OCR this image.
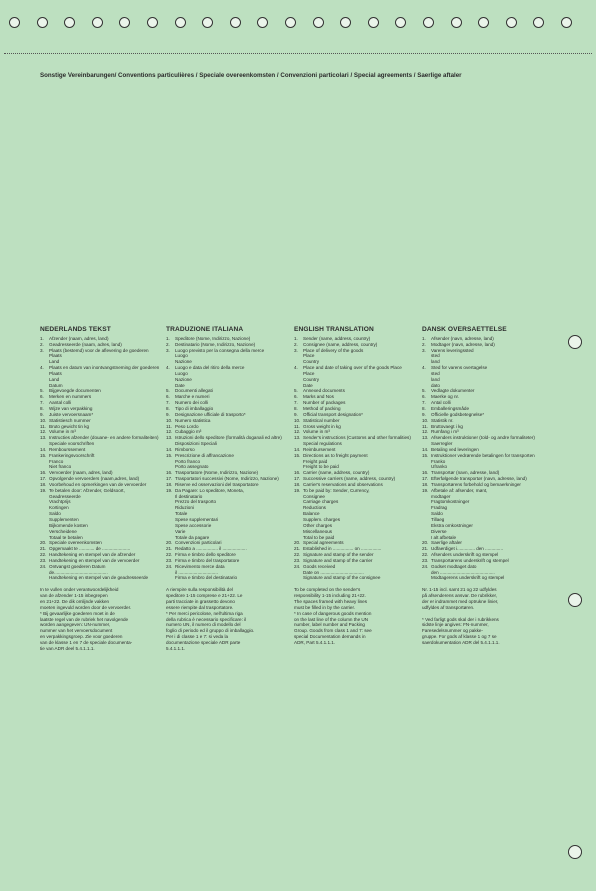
Sonstige Vereinbarungen/ Conventions particulières / Speciale overeenkomsten / Convenzioni particolari / Special agreements / Saerlige aftaler
NEDERLANDS TEKST
1.	Afzender (naam, adres, land)
2.	Geadresseerde (naam, adres, land)
3.	Plaats (bestemd) voor de aflevering de goederen
Plaats
Land
4.	Plaats en datum van inontvangstneming der goederen
Plaats
Land
Datum
5.	Bijgevoegde documenten
6.	Merken en nummers
7.	Aantal colli
8.	Wijze van verpakking
9.	Juiste vervoersnaam*
10. Statistiesch nummer
11. Bruto gewicht tin kg
12. Volume in m³
13. Instructies afzender (douane- en andere formaliteiten)
Speciale voorschriften
14. Rembourssement
15. Frankeringsvoorschrift
Franco
Niet franco
16. Vervoerder (naam, adres, land)
17. Opvolgende vervoerders (naam,adres, land)
18. Voorbehoud en opmerkingen van de vervoerder
19. Te betalen door: Afzender, Geldsoort,
Geadresseerde
Vrachtprijs
Kortingen
Saldo
Supplementen
Bijkomende kosten
Verscheidene
Totaal te betalen
20. Speciale overeenkomsten
21. Opgemaakt te ............ de ......................
22. Handtekening en stempel van de afzender
23. Handtekening en stempel van de vervoerder
24. Ontvangst goederen Datum
de..........................................
Handtekening en stempel van de geadresseerde

In te vullen onder verantwoordelijkheid

van de afzender 1-15 inbegrepen

en 21+22. De dik omlijnde vakken

moeten ingevuld worden door de vervoerder.

* Bij gevaarlijke goederen moet in de

laatste regel van de rubriek het navolgende

worden aangegeven: UN-nummer,

nummer van het vervoersdocument

en verpakkingsgroep. Zie voor goederen

van de klasse 1 en 7 de speciale documenta-

tie van ADR deel 5.4.1.1.1.

TRADUZIONE ITALIANA
1.	Speditore (Nome, Indirizzo, Nazione)
2.	Destinatario (Nome, Indirizzo, Nazione)
3.	Luogo previsto per la consegna della merce
Luogo
Nazione
4.	Luogo e data del ritiro della merce
Luogo
Nazione
Date
5.	Documenti allegati
6.	Marche e numeri
7.	Numero dei colli
8.	Tipo di imballaggio
9.	Designazione ufficiale di trasporto*
10. Numero statistica
11. Peso Lordo
12. Cubaggio m³
13. Istruzioni dello speditore (formalità doganali ed altre)
Disposizioni Speciali
14. Rimborso
15. Prescrizione di affrancazione
Porto franco
Porto assegnato
16. Trasportatore (Nome, Indirizzo, Nazione)
17. Trasportatori successivi (Nome, Indirizzo, Nazione)
18. Riserve ed osservazioni del trasportatore
19. Da Pagare: Lo speditore, Moneta,
Il destinatario
Prezzo del trasporto
Riduzioni
Totale
Spese supplementari
Spese accessorie
Varie
Totale da pagare
20. Convenzioni particolari
21. Redatto a ................. il ...................
22. Firma e timbro dello speditore
23. Firma e timbro del trasportatore
24. Ricevimento merce data
il ...............................
Firma e timbro del destinatario

A riempire sulla responsibilità del

speditore 1-15 comprese e 21+22. Le

parti tracciate in grassetto devono

essere riempite dal trasportatore.

* Per merci pericolose, nell'ultima riga

della rubrica è necessario specificare: il

numero UN, il numero di modello del

foglio di periodo ed il gruppo di imballaggio.

Per i di classe 1 e 7: si veda la

documentazione speciale ADR parte

5.4.1.1.1.

ENGLISH TRANSLATION
1.	Sender (name, address, country)
2.	Consignee (name, address, country)
3.	Place of delivery of the goods
Place
Country
4.	Place and date of taking over of the goods Place
Place
Country
Date
5.	Annexed documents
6.	Marks and Nos
7.	Number of packages
8.	Method of packing
9.	Official transport designation*
10. Statistical number
11. Gross weight in kg
12. Volume in m³
13. Sender's instructions (Customs and other formalities)
Special regulations
14. Reimbursement
15. Directions as to freight payment
Freight paid
Freight to be paid
16. Carrier (name, address, country)
17. Successive carriers (name, address, country)
18. Carrier's reservations and observations
19. To be paid by: Sender, Currency,
Consignee
Carriage charges
Reductions
Balance
Supplem. charges
Other charges
Miscellaneous
Total to be paid
20. Special agreements
21. Established in ................ on ................
22. Signature and stamp of the sender
23. Signature and stamp of the carrier
24. Goods received
Date on ..................................
Signature and stamp of the consignee

To be completed on the sender's

responsibility 1-15 including 21+22.

The spaces framed with heavy lines

must be filled in by the carrier.

* In case of dangerous goods mention

on the last line of the column the UN

number, label number and Packing

Group. Goods from class 1 and 7: see

special Documentation demands in

ADR, Part 5.4.1.1.1.

DANSK OVERSAETTELSE
1.	Afsender (navn, adresse, land)
2.	Modtager (navn, adresse, land)
3.	Varens leveringssted
sted
land
4.	Sted for varens overtagelse
sted
land
dato
5.	Vedlagte dokumenter
6.	Maerke og nr.
7.	Antal colli
8.	Emballeringsmåde
9.	Officielle godsbetegnelse*
10. Statistik nr.
11. Bruttovaegt i kg
12. Rumfang i m³
13. Afsenders instruktioner (told- og andre formaliteter) Saerregler
14. Betaling ved leveringen
15. Instruktioner vedrørende betalingen for transporten
Franko
Ufranko
16. Transportør (navn, adresse, land)
17. Efterfølgende transportør (navn, adresse, land)
18. Transportørens forbehold og bemaerkninger
19. Afbetale af: afsender, mønt,
modtager
Fragtomkostninger
Fradrag
Saldo
Tillaeg
Ekstra omkostninger
Diverse
I alt afbetale
20. Saerlige aftaler
21. Udfaerdiget i.............. den ..............
22. Afsenders underskrift og stempel
23. Transportørens underskrift og stempel
24. Godset modtaget dato
den ...........................................
Modtagerens underskrift og stempel

Nr. 1-15 incl. samt 21 og 22 udfyldes

på afsenderens ansvar. De rubrikker,

der er indrammet med optrukne linier,

udfyldes af transportøren.

* Ved farligt gods skal der i rubrikkens

sidste linje angives: FN-nummer,

Faresedelsnummer og pakke-

gruppe. For gods af klasse 1 og 7 se

saerdokumentation ADR del 5.4.1.1.1.
